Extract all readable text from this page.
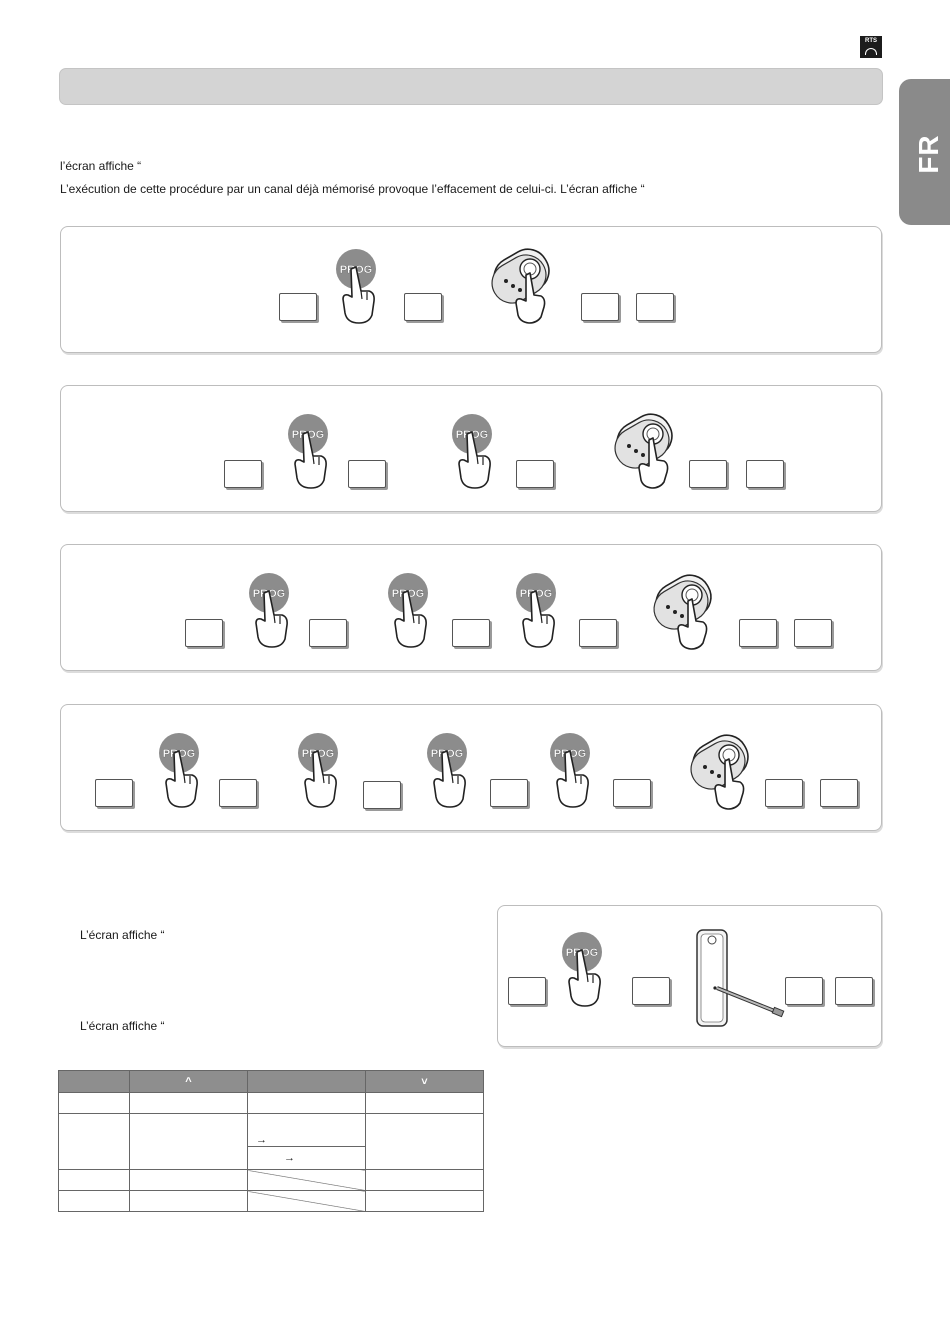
RTS
FR
l’écran affiche “
L’exécution de cette procédure par un canal déjà mémorisé provoque l’effacement de celui-ci. L’écran affiche “
L’écran affiche “
L’écran affiche “
	^		˅

		→	
		→	
